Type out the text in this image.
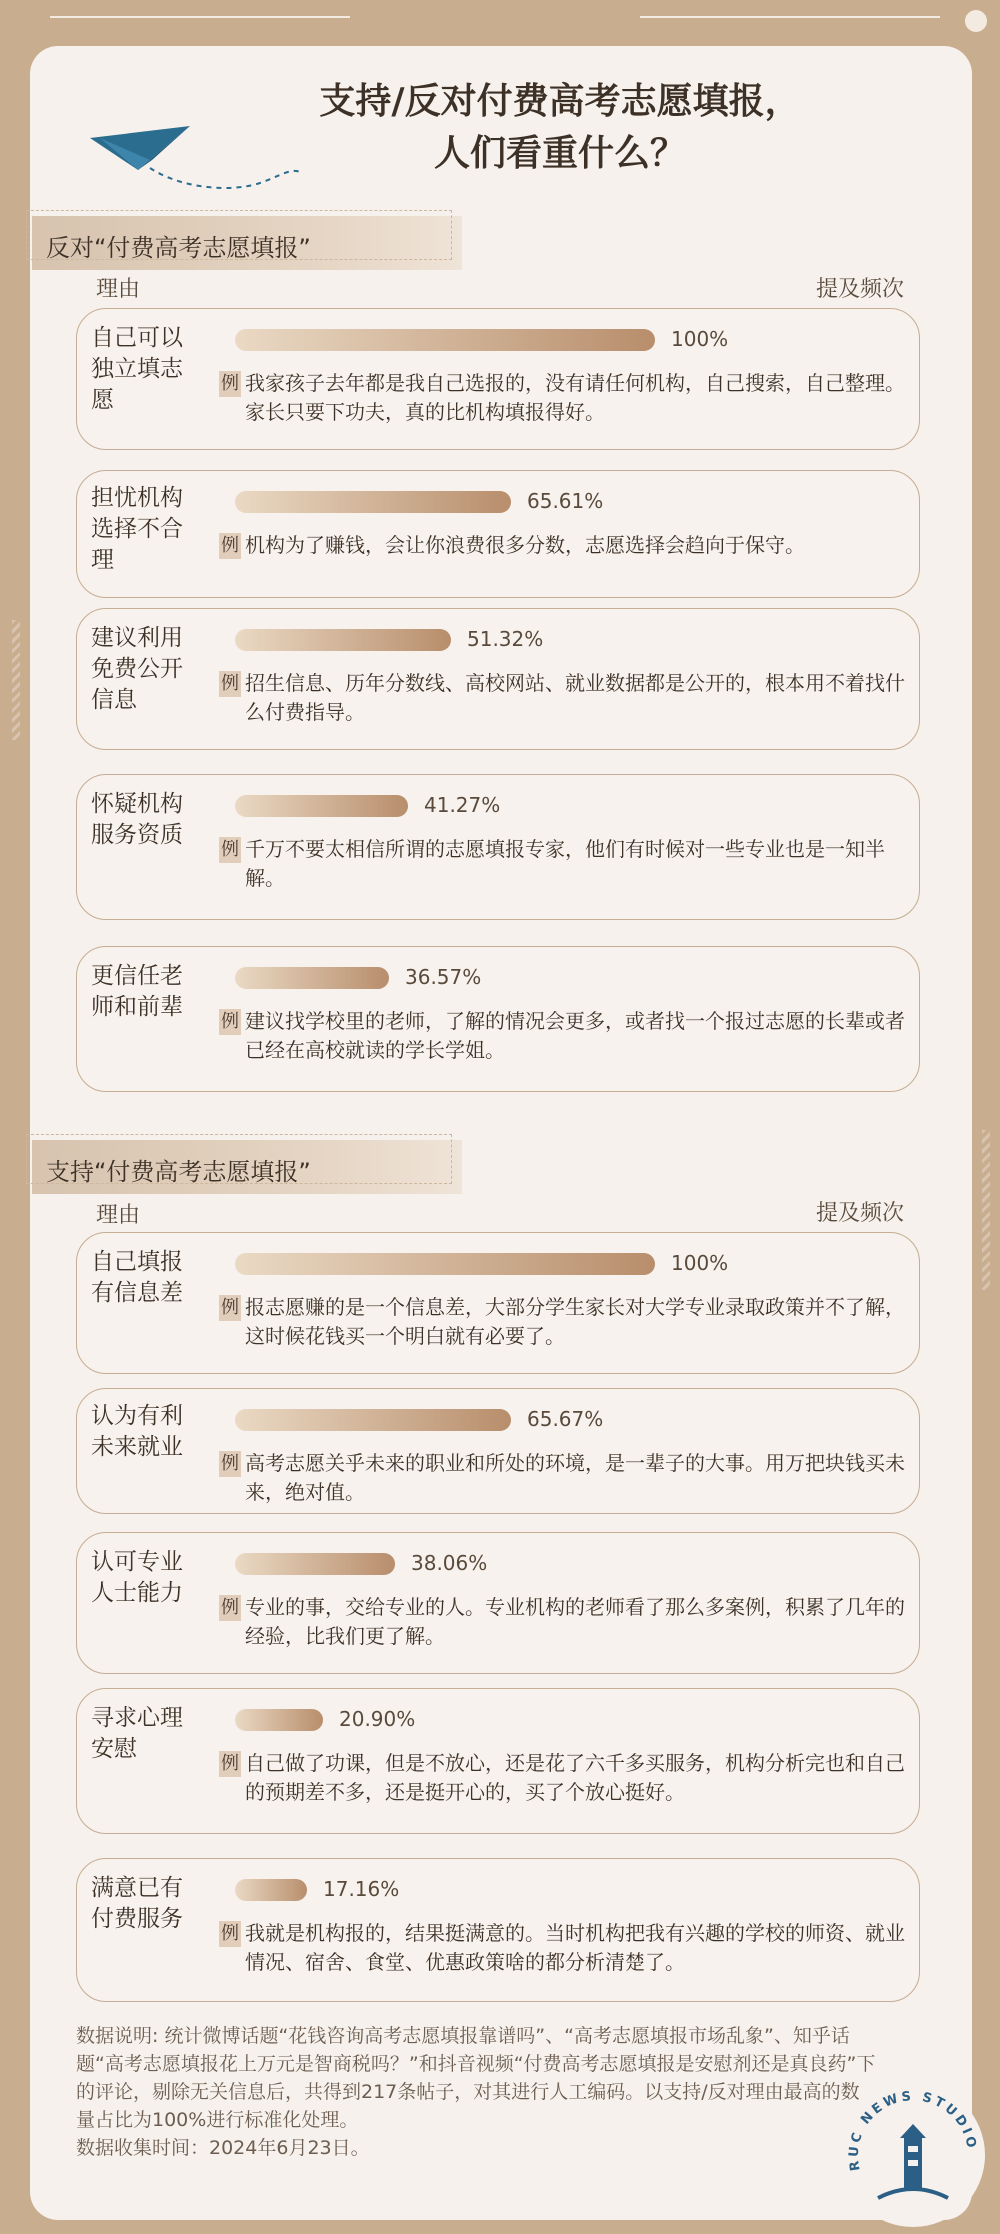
支持/反对付费高考志愿填报，
人们看重什么？
反对“付费高考志愿填报”
理由	提及频次
自己可以独立填志愿
100%
例 我家孩子去年都是我自己选报的，没有请任何机构，自己搜索，自己整理。家长只要下功夫，真的比机构填报得好。
担忧机构选择不合理
65.61%
例 机构为了赚钱，会让你浪费很多分数，志愿选择会趋向于保守。
建议利用免费公开信息
51.32%
例 招生信息、历年分数线、高校网站、就业数据都是公开的，根本用不着找什么付费指导。
怀疑机构服务资质
41.27%
例 千万不要太相信所谓的志愿填报专家，他们有时候对一些专业也是一知半解。
更信任老师和前辈
36.57%
例 建议找学校里的老师，了解的情况会更多，或者找一个报过志愿的长辈或者已经在高校就读的学长学姐。
支持“付费高考志愿填报”
理由	提及频次
自己填报有信息差
100%
例 报志愿赚的是一个信息差，大部分学生家长对大学专业录取政策并不了解，这时候花钱买一个明白就有必要了。
认为有利未来就业
65.67%
例 高考志愿关乎未来的职业和所处的环境，是一辈子的大事。用万把块钱买未来，绝对值。
认可专业人士能力
38.06%
例 专业的事，交给专业的人。专业机构的老师看了那么多案例，积累了几年的经验，比我们更了解。
寻求心理安慰
20.90%
例 自己做了功课，但是不放心，还是花了六千多买服务，机构分析完也和自己的预期差不多，还是挺开心的，买了个放心挺好。
满意已有付费服务
17.16%
例 我就是机构报的，结果挺满意的。当时机构把我有兴趣的学校的师资、就业情况、宿舍、食堂、优惠政策啥的都分析清楚了。

数据说明: 统计微博话题“花钱咨询高考志愿填报靠谱吗”、“高考志愿填报市场乱象”、知乎话题“高考志愿填报花上万元是智商税吗？”和抖音视频“付费高考志愿填报是安慰剂还是真良药”下的评论，剔除无关信息后，共得到217条帖子，对其进行人工编码。以支持/反对理由最高的数量占比为100%进行标准化处理。

数据收集时间：2024年6月23日。

RUC NEWS STUDIO
